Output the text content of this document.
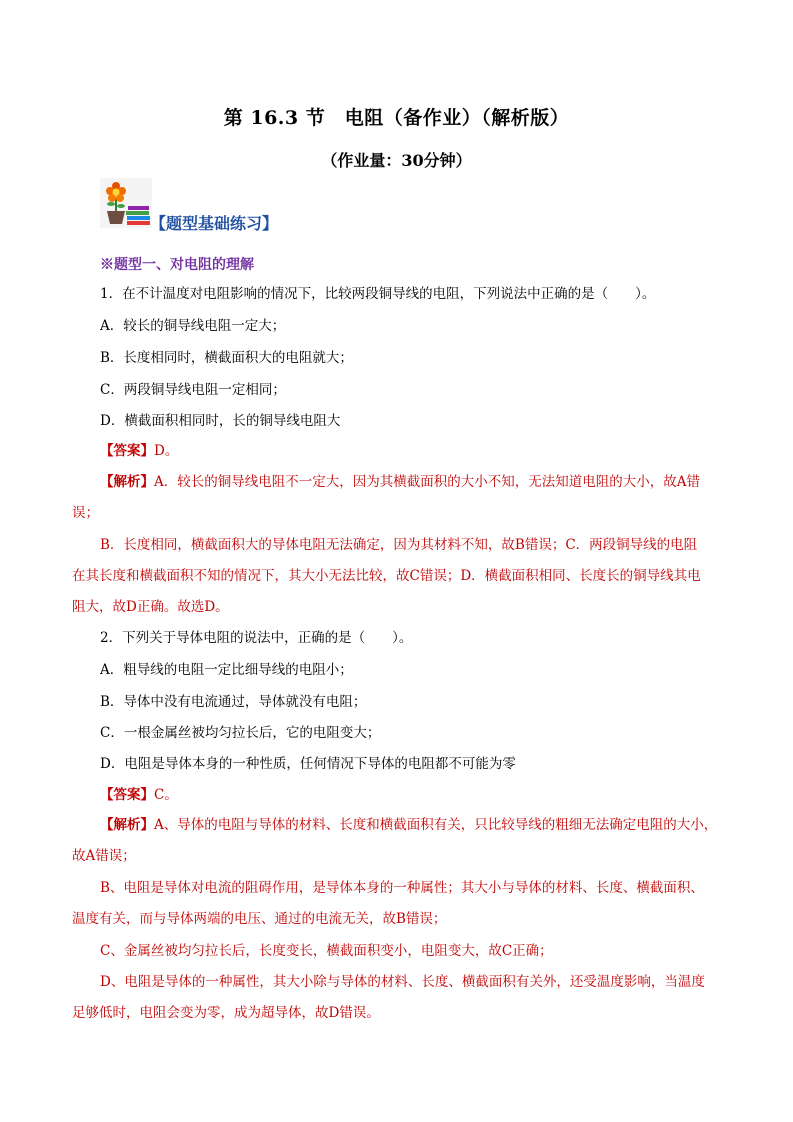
第 16.3 节　电阻（备作业）（解析版）
（作业量：30分钟）
【题型基础练习】
※题型一、对电阻的理解
1．在不计温度对电阻影响的情况下，比较两段铜导线的电阻，下列说法中正确的是（　　）。
A．较长的铜导线电阻一定大；
B．长度相同时，横截面积大的电阻就大；
C．两段铜导线电阻一定相同；
D．横截面积相同时，长的铜导线电阻大
【答案】D。
【解析】A．较长的铜导线电阻不一定大，因为其横截面积的大小不知，无法知道电阻的大小，故A错
误；
B．长度相同，横截面积大的导体电阻无法确定，因为其材料不知，故B错误；C．两段铜导线的电阻
在其长度和横截面积不知的情况下，其大小无法比较，故C错误；D．横截面积相同、长度长的铜导线其电
阻大，故D正确。故选D。
2．下列关于导体电阻的说法中，正确的是（　　）。
A．粗导线的电阻一定比细导线的电阻小；
B．导体中没有电流通过，导体就没有电阻；
C．一根金属丝被均匀拉长后，它的电阻变大；
D．电阻是导体本身的一种性质，任何情况下导体的电阻都不可能为零
【答案】C。
【解析】A、导体的电阻与导体的材料、长度和横截面积有关，只比较导线的粗细无法确定电阻的大小，
故A错误；
B、电阻是导体对电流的阻碍作用，是导体本身的一种属性；其大小与导体的材料、长度、横截面积、
温度有关，而与导体两端的电压、通过的电流无关，故B错误；
C、金属丝被均匀拉长后，长度变长，横截面积变小，电阻变大，故C正确；
D、电阻是导体的一种属性，其大小除与导体的材料、长度、横截面积有关外，还受温度影响，当温度
足够低时，电阻会变为零，成为超导体，故D错误。
